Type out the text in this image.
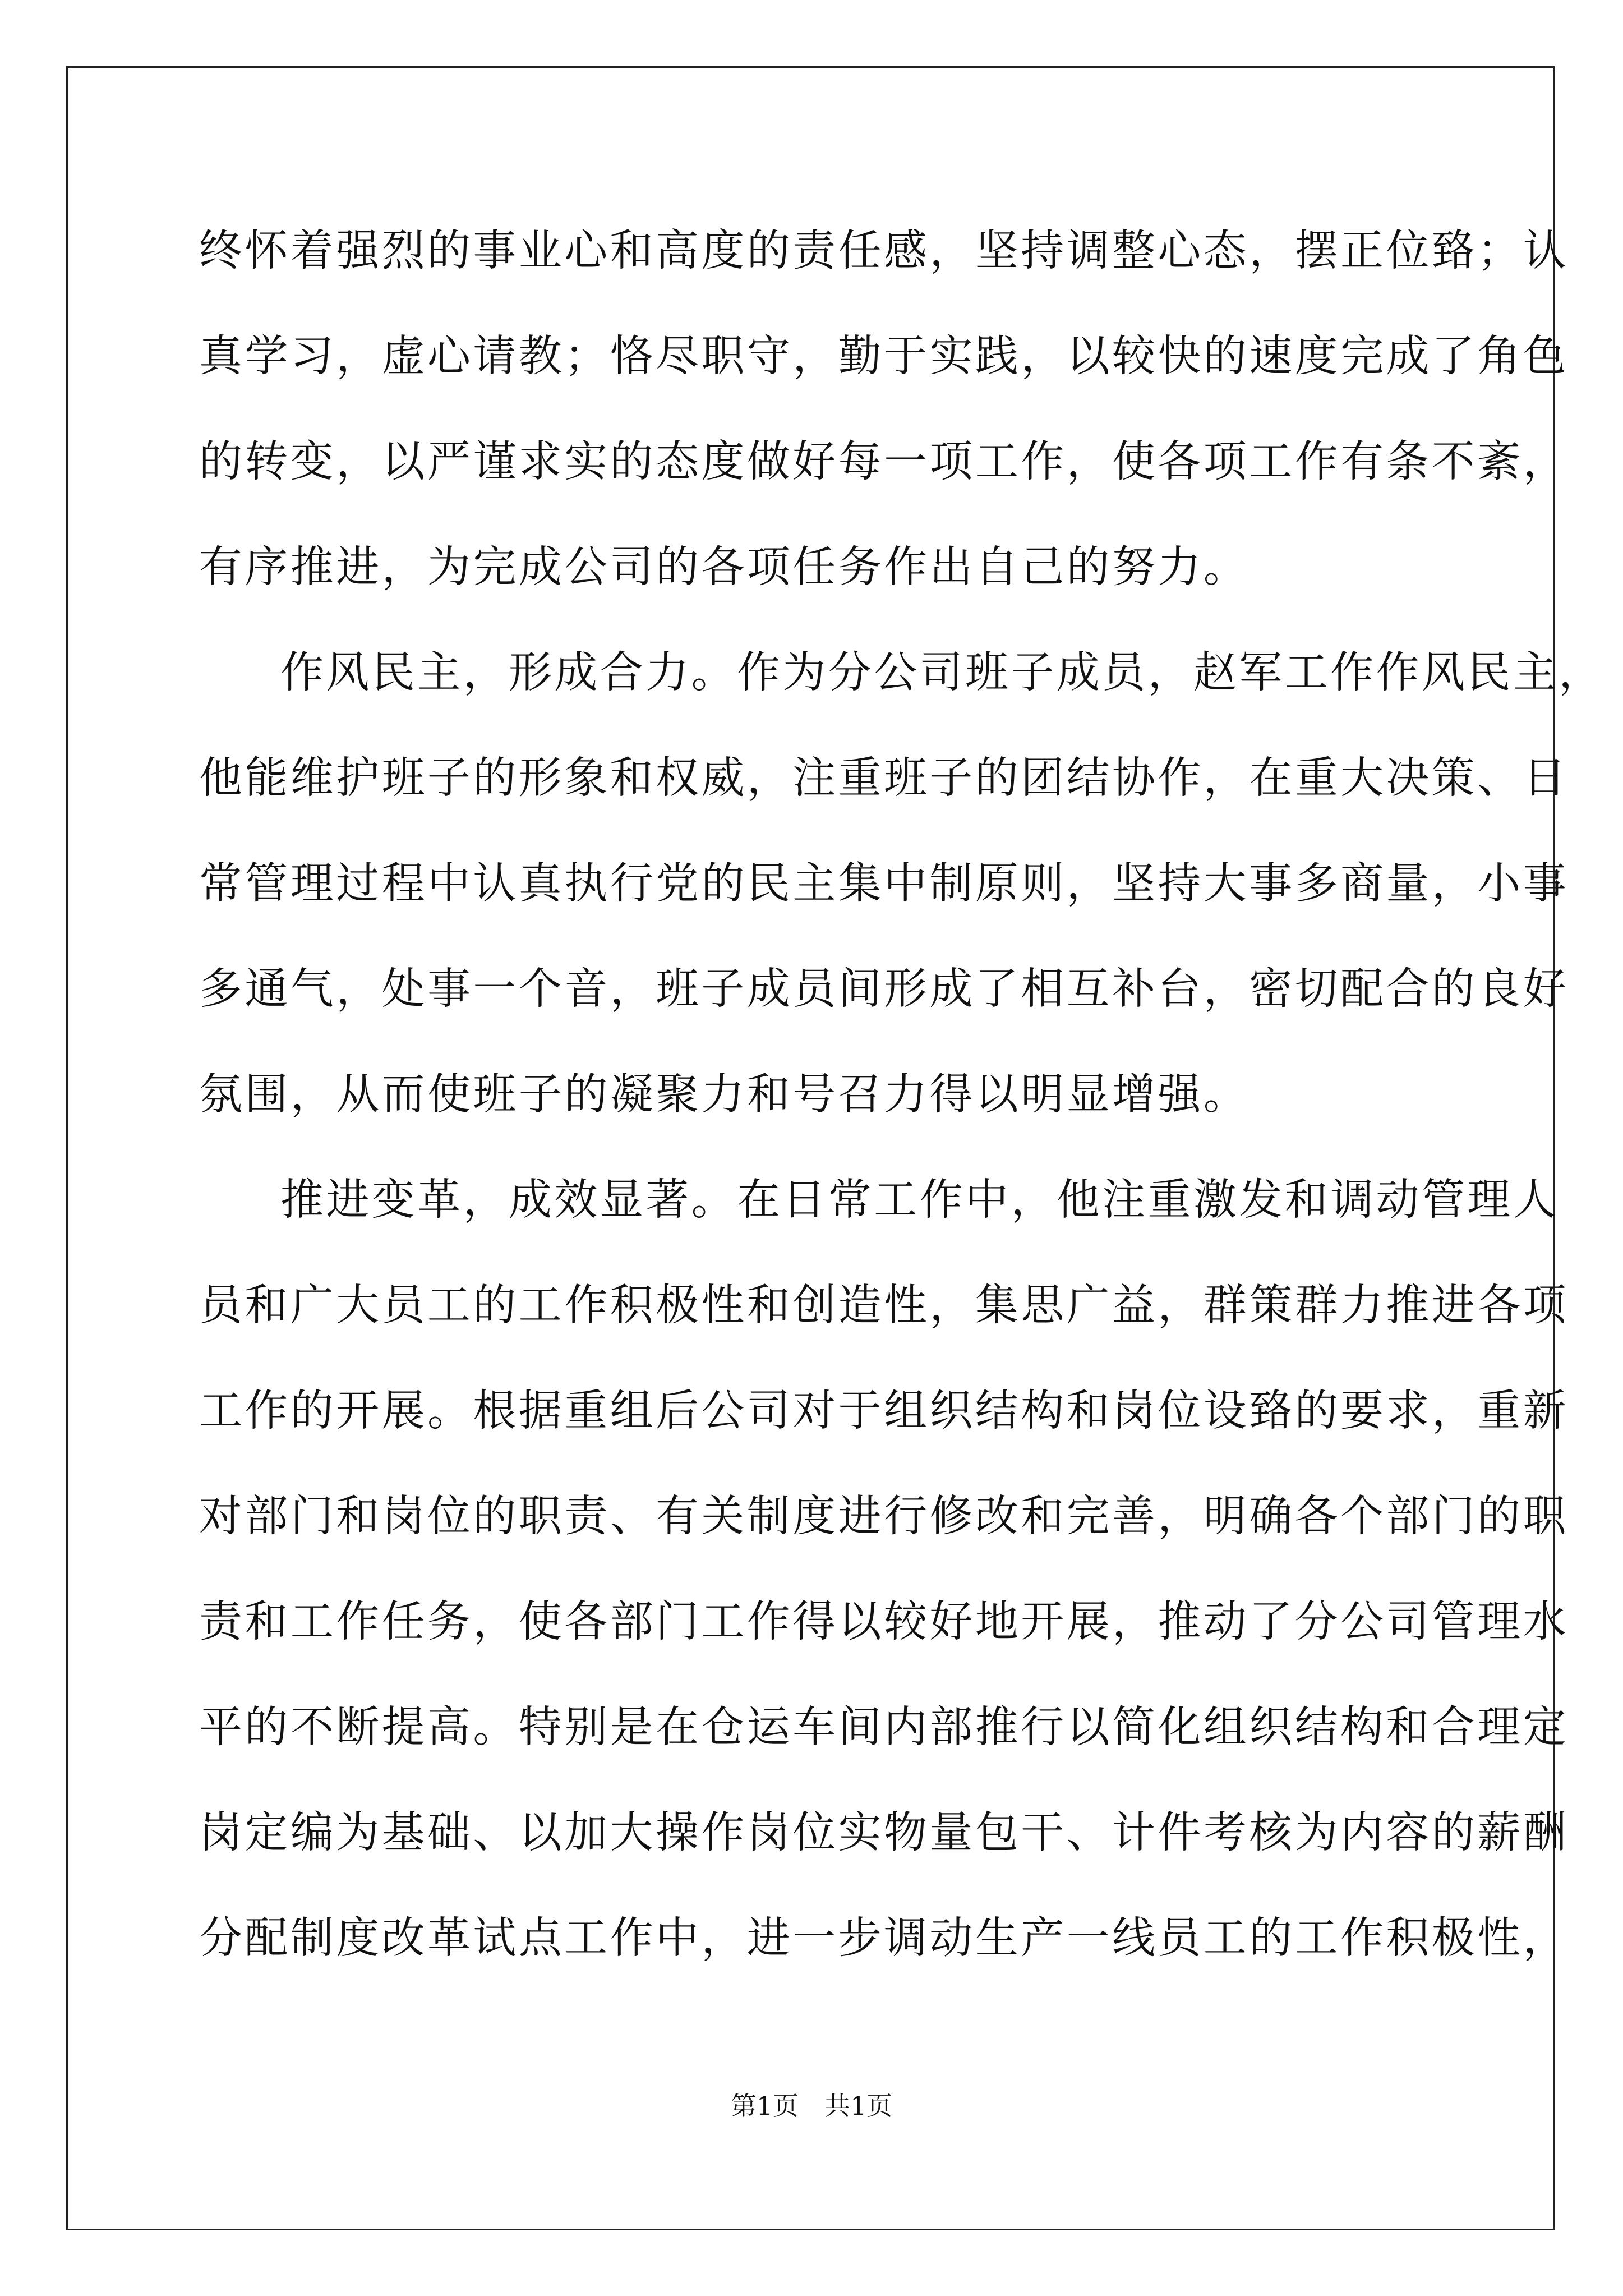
终怀着强烈的事业心和高度的责任感，坚持调整心态，摆正位臵；认
真学习，虚心请教；恪尽职守，勤于实践，以较快的速度完成了角色
的转变，以严谨求实的态度做好每一项工作，使各项工作有条不紊，
有序推进，为完成公司的各项任务作出自己的努力。
作风民主，形成合力。作为分公司班子成员，赵军工作作风民主，
他能维护班子的形象和权威，注重班子的团结协作，在重大决策、日
常管理过程中认真执行党的民主集中制原则，坚持大事多商量，小事
多通气，处事一个音，班子成员间形成了相互补台，密切配合的良好
氛围，从而使班子的凝聚力和号召力得以明显增强。
推进变革，成效显著。在日常工作中，他注重激发和调动管理人
员和广大员工的工作积极性和创造性，集思广益，群策群力推进各项
工作的开展。根据重组后公司对于组织结构和岗位设臵的要求，重新
对部门和岗位的职责、有关制度进行修改和完善，明确各个部门的职
责和工作任务，使各部门工作得以较好地开展，推动了分公司管理水
平的不断提高。特别是在仓运车间内部推行以简化组织结构和合理定
岗定编为基础、以加大操作岗位实物量包干、计件考核为内容的薪酬
分配制度改革试点工作中，进一步调动生产一线员工的工作积极性，
第1页　共1页
